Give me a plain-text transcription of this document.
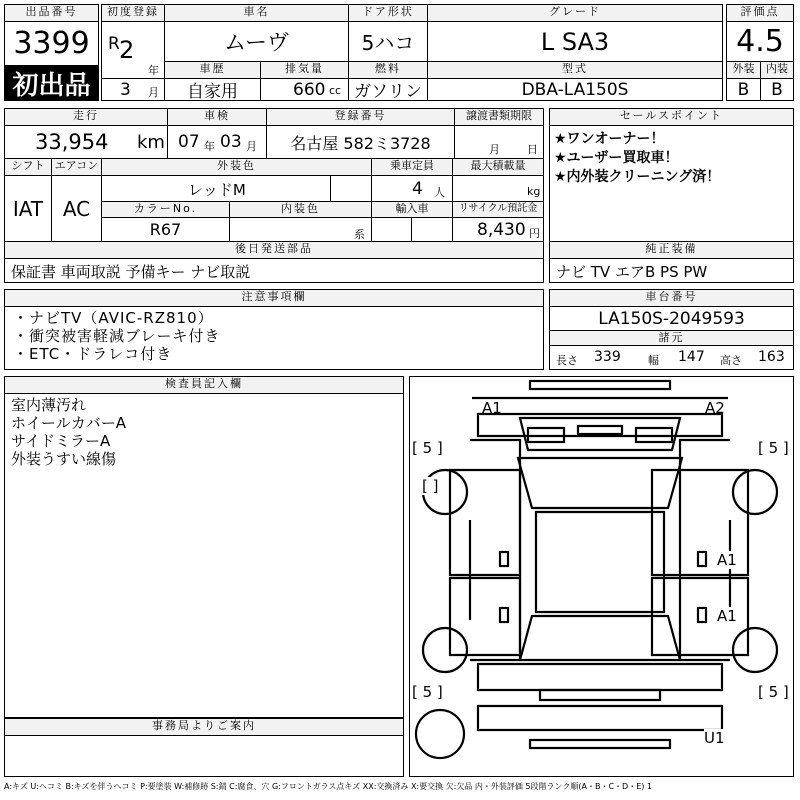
出品番号
3399
初出品
初度登録
R 2
年
3 月
車名
ムーヴ
ドア形状
5ハコ
グレード
L SA3
評価点
4.5
車歴
自家用
排気量
660 cc
燃料
ガソリン
型式
DBA-LA150S
外装	内装
B	B
走行
33,954 km
車検
07 年 03 月
登録番号
名古屋 582ミ3728
譲渡書類期限
月 日
シフト
IAT
エアコン
AC
外装色
レッドM
乗車定員
4 人
最大積載量
kg
カラーNo.
R67
内装色
系
輸入車	リサイクル預託金
8,430 円
セールスポイント
★ワンオーナー！
★ユーザー買取車！
★内外装クリーニング済！
後日発送部品
保証書 車両取説 予備キー ナビ取説
純正装備
ナビ TV エアB PS PW
注意事項欄
・ナビTV（AVIC-RZ810）
・衝突被害軽減ブレーキ付き
・ETC・ドラレコ付き
車台番号
LA150S-2049593
諸元
長さ 339 幅 147 高さ 163
検査員記入欄
室内薄汚れ
ホイールカバーA
サイドミラーA
外装うすい線傷
事務局よりご案内
A1	A2
A1
A1
U1
[ 5 ]	[ 5 ]
[ 5 ]	[ 5 ]
[ ]
A:キズ U:ヘコミ B:キズを伴うヘコミ P:要塗装 W:補修跡 S:錆 C:腐食、穴 G:フロントガラス点キズ XX:交換済み X:要交換 欠:欠品 内・外装評価 5段階ランク順(A・B・C・D・E) 1
